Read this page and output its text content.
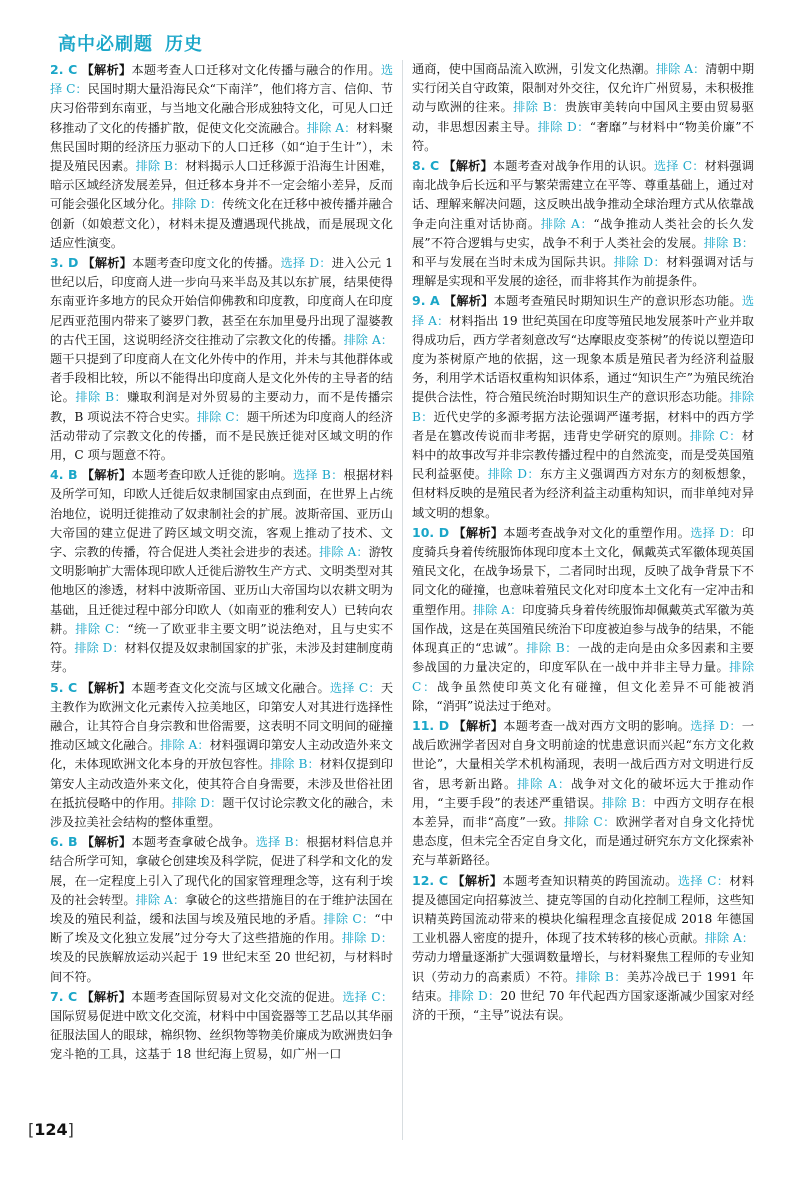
高中必刷题 历史

2. C 【解析】本题考查人口迁移对文化传播与融合的作用。选择 C：民国时期大量沿海民众“下南洋”，他们将方言、信仰、节庆习俗带到东南亚，与当地文化融合形成独特文化，可见人口迁移推动了文化的传播扩散，促使文化交流融合。排除 A：材料聚焦民国时期的经济压力驱动下的人口迁移（如“迫于生计”），未提及殖民因素。排除 B：材料揭示人口迁移源于沿海生计困难，暗示区域经济发展差异，但迁移本身并不一定会缩小差异，反而可能会强化区域分化。排除 D：传统文化在迁移中被传播并融合创新（如娘惹文化），材料未提及遭遇现代挑战，而是展现文化适应性演变。

3. D 【解析】本题考查印度文化的传播。选择 D：进入公元 1 世纪以后，印度商人进一步向马来半岛及其以东扩展，结果使得东南亚许多地方的民众开始信仰佛教和印度教，印度商人在印度尼西亚范围内带来了婆罗门教，甚至在东加里曼丹出现了湿婆教的古代王国，这说明经济交往推动了宗教文化的传播。排除 A：题干只提到了印度商人在文化外传中的作用，并未与其他群体或者手段相比较，所以不能得出印度商人是文化外传的主导者的结论。排除 B：赚取利润是对外贸易的主要动力，而不是传播宗教，B 项说法不符合史实。排除 C：题干所述为印度商人的经济活动带动了宗教文化的传播，而不是民族迁徙对区域文明的作用，C 项与题意不符。

4. B 【解析】本题考查印欧人迁徙的影响。选择 B：根据材料及所学可知，印欧人迁徙后奴隶制国家由点到面，在世界上占统治地位，说明迁徙推动了奴隶制社会的扩展。波斯帝国、亚历山大帝国的建立促进了跨区域文明交流，客观上推动了技术、文字、宗教的传播，符合促进人类社会进步的表述。排除 A：游牧文明影响扩大需体现印欧人迁徙后游牧生产方式、文明类型对其他地区的渗透，材料中波斯帝国、亚历山大帝国均以农耕文明为基础，且迁徙过程中部分印欧人（如南亚的雅利安人）已转向农耕。排除 C：“统一了欧亚非主要文明”说法绝对，且与史实不符。排除 D：材料仅提及奴隶制国家的扩张，未涉及封建制度萌芽。

5. C 【解析】本题考查文化交流与区域文化融合。选择 C：天主教作为欧洲文化元素传入拉美地区，印第安人对其进行选择性融合，让其符合自身宗教和世俗需要，这表明不同文明间的碰撞推动区域文化融合。排除 A：材料强调印第安人主动改造外来文化，未体现欧洲文化本身的开放包容性。排除 B：材料仅提到印第安人主动改造外来文化，使其符合自身需要，未涉及世俗社团在抵抗侵略中的作用。排除 D：题干仅讨论宗教文化的融合，未涉及拉美社会结构的整体重塑。

6. B 【解析】本题考查拿破仑战争。选择 B：根据材料信息并结合所学可知，拿破仑创建埃及科学院，促进了科学和文化的发展，在一定程度上引入了现代化的国家管理理念等，这有利于埃及的社会转型。排除 A：拿破仑的这些措施目的在于维护法国在埃及的殖民利益，缓和法国与埃及殖民地的矛盾。排除 C：“中断了埃及文化独立发展”过分夸大了这些措施的作用。排除 D：埃及的民族解放运动兴起于 19 世纪末至 20 世纪初，与材料时间不符。

7. C 【解析】本题考查国际贸易对文化交流的促进。选择 C：国际贸易促进中欧文化交流，材料中中国瓷器等工艺品以其华丽征服法国人的眼球，棉织物、丝织物等物美价廉成为欧洲贵妇争宠斗艳的工具，这基于 18 世纪海上贸易，如广州一口

通商，使中国商品流入欧洲，引发文化热潮。排除 A：清朝中期实行闭关自守政策，限制对外交往，仅允许广州贸易，未积极推动与欧洲的往来。排除 B：贵族审美转向中国风主要由贸易驱动，非思想因素主导。排除 D：“奢靡”与材料中“物美价廉”不符。

8. C 【解析】本题考查对战争作用的认识。选择 C：材料强调南北战争后长远和平与繁荣需建立在平等、尊重基础上，通过对话、理解来解决问题，这反映出战争推动全球治理方式从依靠战争走向注重对话协商。排除 A：“战争推动人类社会的长久发展”不符合逻辑与史实，战争不利于人类社会的发展。排除 B：和平与发展在当时未成为国际共识。排除 D：材料强调对话与理解是实现和平发展的途径，而非将其作为前提条件。

9. A 【解析】本题考查殖民时期知识生产的意识形态功能。选择 A：材料指出 19 世纪英国在印度等殖民地发展茶叶产业并取得成功后，西方学者刻意改写“达摩眼皮变茶树”的传说以塑造印度为茶树原产地的依据，这一现象本质是殖民者为经济利益服务，利用学术话语权重构知识体系，通过“知识生产”为殖民统治提供合法性，符合殖民统治时期知识生产的意识形态功能。排除 B：近代史学的多源考据方法论强调严谨考据，材料中的西方学者是在篡改传说而非考据，违背史学研究的原则。排除 C：材料中的故事改写并非宗教传播过程中的自然流变，而是受英国殖民利益驱使。排除 D：东方主义强调西方对东方的刻板想象，但材料反映的是殖民者为经济利益主动重构知识，而非单纯对异域文明的想象。

10. D 【解析】本题考查战争对文化的重塑作用。选择 D：印度骑兵身着传统服饰体现印度本土文化，佩戴英式军徽体现英国殖民文化，在战争场景下，二者同时出现，反映了战争背景下不同文化的碰撞，也意味着殖民文化对印度本土文化有一定冲击和重塑作用。排除 A：印度骑兵身着传统服饰却佩戴英式军徽为英国作战，这是在英国殖民统治下印度被迫参与战争的结果，不能体现真正的“忠诚”。排除 B：一战的走向是由众多因素和主要参战国的力量决定的，印度军队在一战中并非主导力量。排除 C：战争虽然使印英文化有碰撞，但文化差异不可能被消除，“消弭”说法过于绝对。

11. D 【解析】本题考查一战对西方文明的影响。选择 D：一战后欧洲学者因对自身文明前途的忧患意识而兴起“东方文化救世论”，大量相关学术机构涌现，表明一战后西方对文明进行反省，思考新出路。排除 A：战争对文化的破坏远大于推动作用，“主要手段”的表述严重错误。排除 B：中西方文明存在根本差异，而非“高度”一致。排除 C：欧洲学者对自身文化持忧患态度，但未完全否定自身文化，而是通过研究东方文化探索补充与革新路径。

12. C 【解析】本题考查知识精英的跨国流动。选择 C：材料提及德国定向招募波兰、捷克等国的自动化控制工程师，这些知识精英跨国流动带来的模块化编程理念直接促成 2018 年德国工业机器人密度的提升，体现了技术转移的核心贡献。排除 A：劳动力增量逐渐扩大强调数量增长，与材料聚焦工程师的专业知识（劳动力的高素质）不符。排除 B：美苏冷战已于 1991 年结束。排除 D：20 世纪 70 年代起西方国家逐渐减少国家对经济的干预，“主导”说法有误。

[124]
